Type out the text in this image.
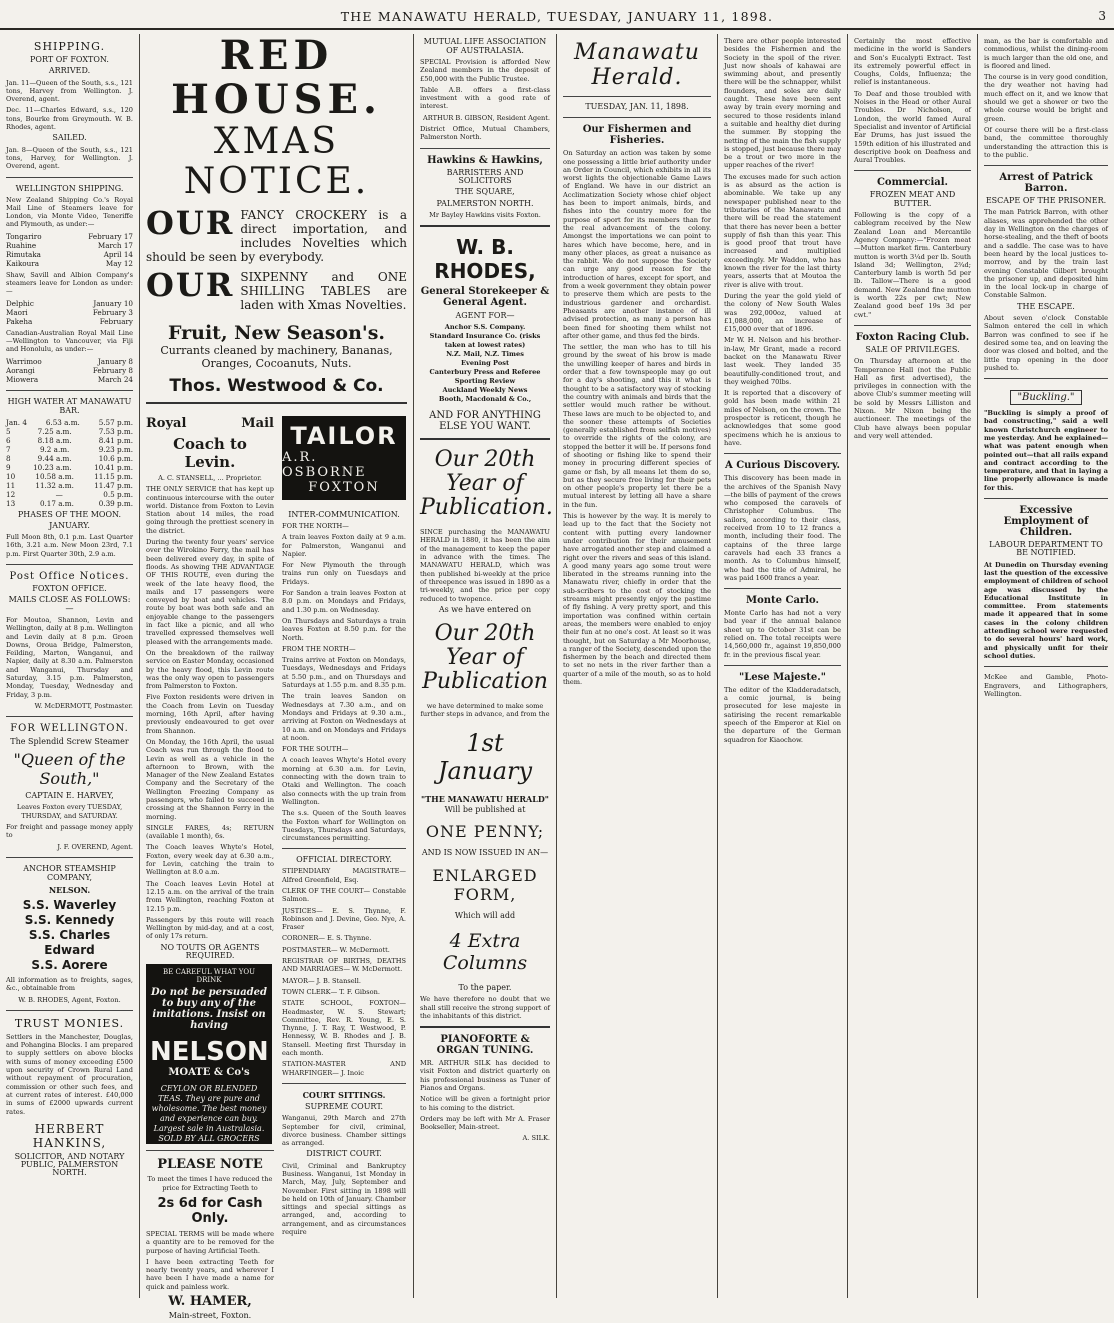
THE MANAWATU HERALD, TUESDAY, JANUARY 11, 1898.	3
SHIPPING.
PORT OF FOXTON.
ARRIVED.
Jan. 11—Queen of the South, s.s., 121 tons, Harvey from Wellington. J. Overend, agent.
Dec. 11—Charles Edward, s.s., 120 tons, Bourke from Greymouth. W. B. Rhodes, agent.
SAILED.
Jan. 8—Queen of the South, s.s., 121 tons, Harvey, for Wellington. J. Overend, agent.
WELLINGTON SHIPPING.
New Zealand Shipping Co.'s Royal Mail Line of Steamers leave for London, via Monte Video, Teneriffe and Plymouth, as under:—
Tongariro	February 17
Ruahine	March 17
Rimutaka	April 14
Kaikoura	May 12
Shaw, Savill and Albion Company's steamers leave for London as under:—
Delphic	January 10
Maori	February 3
Pakeha	February
Canadian-Australian Royal Mail Line—Wellington to Vancouver, via Fiji and Honolulu, as under:—
Warrimoo	January 8
Aorangi	February 8
Miowera	March 24
HIGH WATER AT MANAWATU BAR.
Jan. 4	6.53 a.m.	5.57 p.m.
5	7.25 a.m.	7.53 p.m.
6	8.18 a.m.	8.41 p.m.
7	9.2 a.m.	9.23 p.m.
8	9.44 a.m.	10.6 p.m.
9	10.23 a.m.	10.41 p.m.
10	10.58 a.m.	11.15 p.m.
11	11.32 a.m.	11.47 p.m.
12	—	0.5 p.m.
13	0.17 a.m.	0.39 p.m.
PHASES OF THE MOON.
JANUARY.
Full Moon 8th, 0.1 p.m. Last Quarter 16th, 3.21 a.m. New Moon 23rd, 7.1 p.m. First Quarter 30th, 2.9 a.m.
Post Office Notices.
FOXTON OFFICE.
MAILS CLOSE AS FOLLOWS:—
For Moutoa, Shannon, Levin and Wellington, daily at 8 p.m. Wellington and Levin daily at 8 p.m. Groen Downs, Oroua Bridge, Palmerston, Feilding, Marton, Wanganui, and Napier, daily at 8.30 a.m. Palmerston and Wanganui, Thursday and Saturday, 3.15 p.m. Palmerston, Monday, Tuesday, Wednesday and Friday, 3 p.m.
W. McDERMOTT, Postmaster.
FOR WELLINGTON.
The Splendid Screw Steamer
"Queen of the South,"
CAPTAIN E. HARVEY,
Leaves Foxton every TUESDAY, THURSDAY, and SATURDAY.
For freight and passage money apply to
J. F. OVEREND, Agent.
ANCHOR STEAMSHIP COMPANY,
NELSON.
S.S. Waverley
S.S. Kennedy
S.S. Charles Edward
S.S. Aorere
All information as to freights, sages, &c., obtainable from
W. B. RHODES, Agent, Foxton.
TRUST MONIES.
Settlers in the Manchester, Douglas, and Pohangina Blocks. I am prepared to supply settlers on above blocks with sums of money exceeding £500 upon security of Crown Rural Land without repayment of procuration, commission or other such fees, and at current rates of interest. £40,000 in sums of £2000 upwards current rates.
HERBERT HANKINS,
SOLICITOR, AND NOTARY PUBLIC, PALMERSTON NORTH.
RED HOUSE.
XMAS NOTICE.
OUR FANCY CROCKERY is a direct importation, and includes Novelties which should be seen by everybody.
OUR SIXPENNY and ONE SHILLING TABLES are laden with Xmas Novelties.
Fruit, New Season's.
Currants cleaned by machinery, Bananas, Oranges, Cocoanuts, Nuts.
Thos. Westwood & Co.
Royal	Mail
Coach to Levin.
A. C. STANSELL, ... Proprietor.
THE ONLY SERVICE that has kept up continuous intercourse with the outer world. Distance from Foxton to Levin Station about 14 miles, the road going through the prettiest scenery in the district.
During the twenty four years' service over the Wirokino Ferry, the mail has been delivered every day, in spite of floods. As showing THE ADVANTAGE OF THIS ROUTE, even during the week of the late heavy flood, the mails and 17 passengers were conveyed by boat and vehicles. The route by boat was both safe and an enjoyable change to the passengers in fact like a picnic, and all who travelled expressed themselves well pleased with the arrangements made.
On the breakdown of the railway service on Easter Monday, occasioned by the heavy flood, this Levin route was the only way open to passengers from Palmerston to Foxton.
Five Foxton residents were driven in the Coach from Levin on Tuesday morning, 16th April, after having previously endeavoured to get over from Shannon.
On Monday, the 16th April, the usual Coach was run through the flood to Levin as well as a vehicle in the afternoon to Brown, with the Manager of the New Zealand Estates Company and the Secretary of the Wellington Freezing Company as passengers, who failed to succeed in crossing at the Shannon Ferry in the morning.
SINGLE FARES, 4s; RETURN (available 1 month), 6s.
The Coach leaves Whyte's Hotel, Foxton, every week day at 6.30 a.m., for Levin, catching the train to Wellington at 8.0 a.m.
The Coach leaves Levin Hotel at 12.15 a.m. on the arrival of the train from Wellington, reaching Foxton at 12.15 p.m.
Passengers by this route will reach Wellington by mid-day, and at a cost, of only 17s return.
NO TOUTS OR AGENTS REQUIRED.
BE CAREFUL WHAT YOU DRINK
Do not be persuaded to buy any of the imitations. Insist on having
NELSON
MOATE & Co's
CEYLON OR BLENDED TEAS. They are pure and wholesome. The best money and experience can buy. Largest sale in Australasia. SOLD BY ALL GROCERS
PLEASE NOTE
To meet the times I have reduced the price for Extracting Teeth to
2s 6d for Cash Only.
SPECIAL TERMS will be made where a quantity are to be removed for the purpose of having Artificial Teeth.
I have been extracting Teeth for nearly twenty years, and wherever I have been I have made a name for quick and painless work.
W. HAMER,
Main-street, Foxton.
TAILOR
A.R. OSBORNE
FOXTON
INTER-COMMUNICATION.
FOR THE NORTH—
A train leaves Foxton daily at 9 a.m. for Palmerston, Wanganui and Napier.
For New Plymouth the through trains run only on Tuesdays and Fridays.
For Sandon a train leaves Foxton at 8.0 p.m. on Mondays and Fridays, and 1.30 p.m. on Wednesday.
On Thursdays and Saturdays a train leaves Foxton at 8.50 p.m. for the North.
FROM THE NORTH—
Trains arrive at Foxton on Mondays, Tuesdays, Wednesdays and Fridays at 5.50 p.m., and on Thursdays and Saturdays at 1.55 p.m. and 8.35 p.m.
The train leaves Sandon on Wednesdays at 7.30 a.m., and on Mondays and Fridays at 9.30 a.m., arriving at Foxton on Wednesdays at 10 a.m. and on Mondays and Fridays at noon.
FOR THE SOUTH—
A coach leaves Whyte's Hotel every morning at 6.30 a.m. for Levin, connecting with the down train to Otaki and Wellington. The coach also connects with the up train from Wellington.
The s.s. Queen of the South leaves the Foxton wharf for Wellington on Tuesdays, Thursdays and Saturdays, circumstances permitting.
OFFICIAL DIRECTORY.
STIPENDIARY MAGISTRATE— Alfred Greenfield, Esq.
CLERK OF THE COURT— Constable Salmon.
JUSTICES— E. S. Thynne, F. Robinson and J. Devine, Geo. Nye, A. Fraser
CORONER— E. S. Thynne.
POSTMASTER— W. McDermott.
REGISTRAR OF BIRTHS, DEATHS AND MARRIAGES— W. McDermott.
MAYOR— J. B. Stansell.
TOWN CLERK— T. F. Gibson.
STATE SCHOOL, FOXTON— Headmaster, W. S. Stewart; Committee, Rev. R. Young, E. S. Thynne, J. T. Ray, T. Westwood, P. Hennessy, W. B. Rhodes and J. B. Stansell. Meeting first Thursday in each month.
STATION-MASTER AND WHARFINGER— J. Inoic
COURT SITTINGS.
SUPREME COURT.
Wanganui, 29th March and 27th September for civil, criminal, divorce business. Chamber sittings as arranged.
DISTRICT COURT.
Civil, Criminal and Bankruptcy Business. Wanganui, 1st Monday in March, May, July, September and November. First sitting in 1898 will be held on 10th of January. Chamber sittings and special sittings as arranged, and, according to arrangement, and as circumstances require
MUTUAL LIFE ASSOCIATION OF AUSTRALASIA.
SPECIAL Provision is afforded New Zealand members in the deposit of £50,000 with the Public Trustee.
Table A.B. offers a first-class investment with a good rate of interest.
ARTHUR B. GIBSON, Resident Agent.
District Office, Mutual Chambers, Palmerston North.
Hawkins & Hawkins,
BARRISTERS AND SOLICITORS
THE SQUARE,
PALMERSTON NORTH.
Mr Bayley Hawkins visits Foxton.
W. B. RHODES,
General Storekeeper & General Agent.
AGENT FOR—
Anchor S.S. Company.
Standard Insurance Co. (risks taken at lowest rates)
N.Z. Mail, N.Z. Times
Evening Post
Canterbury Press and Referee
Sporting Review
Auckland Weekly News
Booth, Macdonald & Co.,
AND FOR ANYTHING ELSE YOU WANT.
Our 20th Year of Publication.
SINCE purchasing the MANAWATU HERALD in 1880, it has been the aim of the management to keep the paper in advance with the times. The MANAWATU HERALD, which was then published bi-weekly at the price of threepence was issued in 1890 as a tri-weekly, and the price per copy reduced to twopence.
As we have entered on
Our 20th Year of Publication
we have determined to make some further steps in advance, and from the
1st January
"THE MANAWATU HERALD"
Will be published at
ONE PENNY;
AND IS NOW ISSUED IN AN—
ENLARGED FORM,
Which will add
4 Extra Columns
To the paper.
We have therefore no doubt that we shall still receive the strong support of the inhabitants of this district.
PIANOFORTE & ORGAN TUNING.
MR. ARTHUR SILK has decided to visit Foxton and district quarterly on his professional business as Tuner of Pianos and Organs.
Notice will be given a fortnight prior to his coming to the district.
Orders may be left with Mr A. Fraser Bookseller, Main-street.
A. SILK.
Manawatu Herald.
TUESDAY, JAN. 11, 1898.
Our Fishermen and Fisheries.
On Saturday an action was taken by some one possessing a little brief authority under an Order in Council, which exhibits in all its worst lights the objectionable Game Laws of England. We have in our district an Acclimatization Society whose chief object has been to import animals, birds, and fishes into the country more for the purpose of sport for its members than for the real advancement of the colony. Amongst the importations we can point to hares which have become, here, and in many other places, as great a nuisance as the rabbit. We do not suppose the Society can urge any good reason for the introduction of hares, except for sport, and from a week government they obtain power to preserve them which are pests to the industrious gardener and orchardist. Pheasants are another instance of ill advised protection, as many a person has been fined for shooting them whilst not after other game, and thus fed the birds.
The settler, the man who has to till his ground by the sweat of his brow is made the unwilling keeper of hares and birds in order that a few townspeople may go out for a day's shooting, and this it what is thought to be a satisfactory way of stocking the country with animals and birds that the settler would much rather be without. These laws are much to be objected to, and the sooner these attempts of Societies (generally established from selfish motives) to override the rights of the colony, are stopped the better it will be. If persons fond of shooting or fishing like to spend their money in procuring different species of game or fish, by all means let them do so, but as they secure free living for their pets on other people's property let there be a mutual interest by letting all have a share in the fun.
This is however by the way. It is merely to lead up to the fact that the Society not content with putting every landowner under contribution for their amusement have arrogated another step and claimed a right over the rivers and seas of this island. A good many years ago some trout were liberated in the streams running into the Manawatu river, chiefly in order that the sub-scribers to the cost of stocking the streams might presently enjoy the pastime of fly fishing. A very pretty sport, and this importation was confined within certain areas, the members were enabled to enjoy their fun at no one's cost. At least so it was thought, but on Saturday a Mr Moorhouse, a ranger of the Society, descended upon the fishermen by the beach and directed them to set no nets in the river farther than a quarter of a mile of the mouth, so as to hold them.
There are other people interested besides the Fishermen and the Society in the spoil of the river. Just now shoals of kahawai are swimming about, and presently there will be the schnapper, whilst flounders, and soles are daily caught. These have been sent away by train every morning and secured to those residents inland a suitable and healthy diet during the summer. By stopping the netting of the main the fish supply is stopped, just because there may be a trout or two more in the upper reaches of the river!
The excuses made for such action is as absurd as the action is abominable. We take up any newspaper published near to the tributaries of the Manawatu and there will be read the statement that there has never been a better supply of fish than this year. This is good proof that trout have increased and multiplied exceedingly. Mr Waddon, who has known the river for the last thirty years, asserts that at Moutoa the river is alive with trout.
During the year the gold yield of the colony of New South Wales was 292,000oz, valued at £1,088,000, an increase of £15,000 over that of 1896.
Mr W. H. Nelson and his brother-in-law, Mr Grant, made a record backet on the Manawatu River last week. They landed 35 beautifully-conditioned trout, and they weighed 70lbs.
It is reported that a discovery of gold has been made within 21 miles of Nelson, on the crown. The prospector is reticent, though he acknowledges that some good specimens which he is anxious to have.
A Curious Discovery.
This discovery has been made in the archives of the Spanish Navy—the bills of payment of the crews who composed the caravels of Christopher Columbus. The sailors, according to their class, received from 10 to 12 francs a month, including their food. The captains of the three large caravels had each 33 francs a month. As to Columbus himself, who had the title of Admiral, he was paid 1600 francs a year.
Monte Carlo.
Monte Carlo has had not a very bad year if the annual balance sheet up to October 31st can be relied on. The total receipts were 14,560,000 fr., against 19,850,000 fr. in the previous fiscal year.
"Lese Majeste."
The editor of the Kladderadatsch, a comic journal, is being prosecuted for lese majeste in satirising the recent remarkable speech of the Emperor at Kiel on the departure of the German squadron for Kiaochow.
Certainly the most effective medicine in the world is Sanders and Son's Eucalypti Extract. Test its extremely powerful effect in Coughs, Colds, Influenza; the relief is instantaneous.
To Deaf and those troubled with Noises in the Head or other Aural Troubles. Dr Nicholson, of London, the world famed Aural Specialist and inventor of Artificial Ear Drums, has just issued the 159th edition of his illustrated and descriptive book on Deafness and Aural Troubles.
Commercial.
FROZEN MEAT AND BUTTER.
Following is the copy of a cablegram received by the New Zealand Loan and Mercantile Agency Company:—"Frozen meat—Mutton market firm. Canterbury mutton is worth 3¼d per lb. South Island 3d; Wellington, 2¾d; Canterbury lamb is worth 5d per lb. Tallow—There is a good demand. New Zealand fine mutton is worth 22s per cwt; New Zealand good beef 19s 3d per cwt."
Foxton Racing Club.
SALE OF PRIVILEGES.
On Thursday afternoon at the Temperance Hall (not the Public Hall as first advertised), the privileges in connection with the above Club's summer meeting will be sold by Messrs Lilliston and Nixon. Mr Nixon being the auctioneer. The meetings of the Club have always been popular and very well attended.
man, as the bar is comfortable and commodious, whilst the dining-room is much larger than the old one, and is floored and lined.
The course is in very good condition, the dry weather not having had much effect on it, and we know that should we get a shower or two the whole course would be bright and green.
Of course there will be a first-class band, the committee thoroughly understanding the attraction this is to the public.
Arrest of Patrick Barron.
ESCAPE OF THE PRISONER.
The man Patrick Barron, with other aliases, was apprehended the other day in Wellington on the charges of horse-stealing, and the theft of boots and a saddle. The case was to have been heard by the local justices to-morrow, and by the train last evening Constable Gilbert brought the prisoner up, and deposited him in the local lock-up in charge of Constable Salmon.
THE ESCAPE.
About seven o'clock Constable Salmon entered the cell in which Barron was confined to see if he desired some tea, and on leaving the door was closed and bolted, and the little trap opening in the door pushed to.
"Buckling."
"Buckling is simply a proof of bad constructing," said a well known Christchurch engineer to me yesterday. And he explained—what was patent enough when pointed out—that all rails expand and contract according to the temperature, and that in laying a line properly allowance is made for this.
Excessive Employment of Children.
LABOUR DEPARTMENT TO BE NOTIFIED.
At Dunedin on Thursday evening last the question of the excessive employment of children of school age was discussed by the Educational Institute in committee. From statements made it appeared that in some cases in the colony children attending school were requested to do several hours' hard work, and physically unfit for their school duties.
McKee and Gamble, Photo-Engravers, and Lithographers, Wellington.
